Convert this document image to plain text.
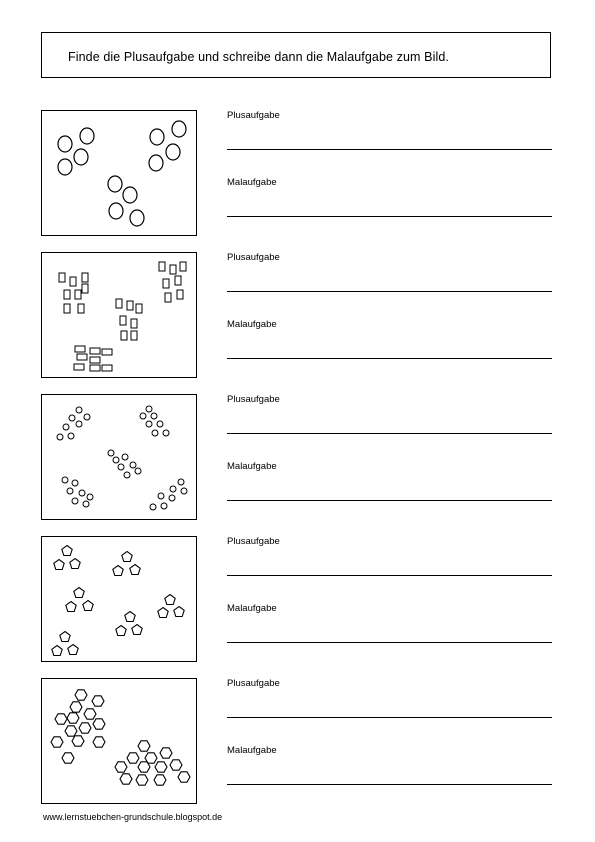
Finde die Plusaufgabe und schreibe dann die Malaufgabe zum Bild.
Plusaufgabe
Malaufgabe
Plusaufgabe
Malaufgabe
Plusaufgabe
Malaufgabe
Plusaufgabe
Malaufgabe
Plusaufgabe
Malaufgabe
www.lernstuebchen-grundschule.blogspot.de
